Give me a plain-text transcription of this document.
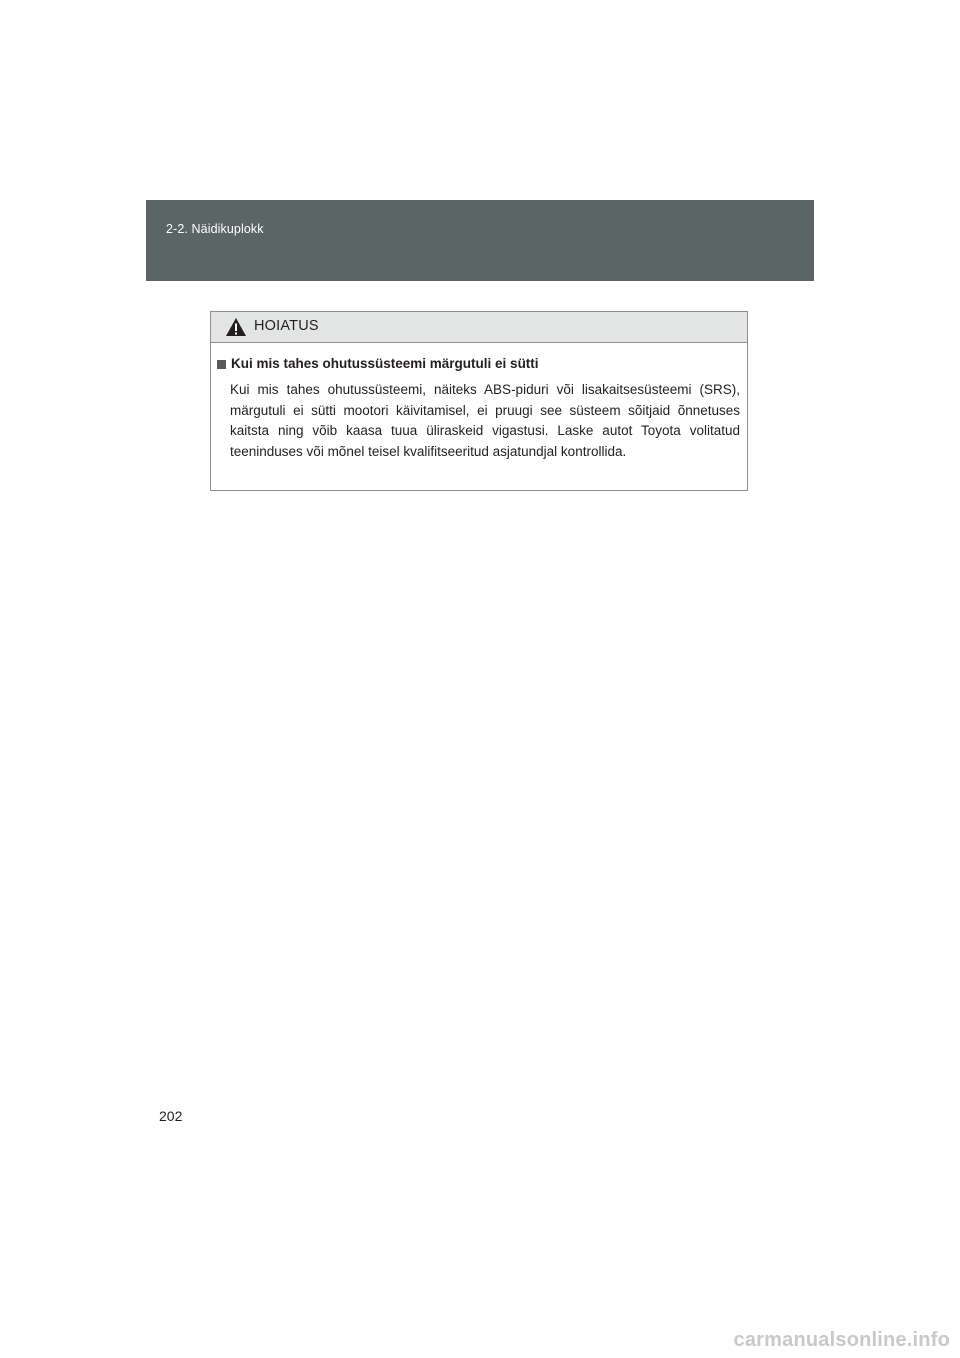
2-2. Näidikuplokk
HOIATUS
Kui mis tahes ohutussüsteemi märgutuli ei sütti

Kui mis tahes ohutussüsteemi, näiteks ABS-piduri või lisakaitsesüsteemi (SRS), märgutuli ei sütti mootori käivitamisel, ei pruugi see süsteem sõitjaid õnnetuses kaitsta ning võib kaasa tuua üliraskeid vigastusi. Laske autot Toyota volitatud teeninduses või mõnel teisel kvalifitseeritud asjatundjal kontrollida.

202
carmanualsonline.info
